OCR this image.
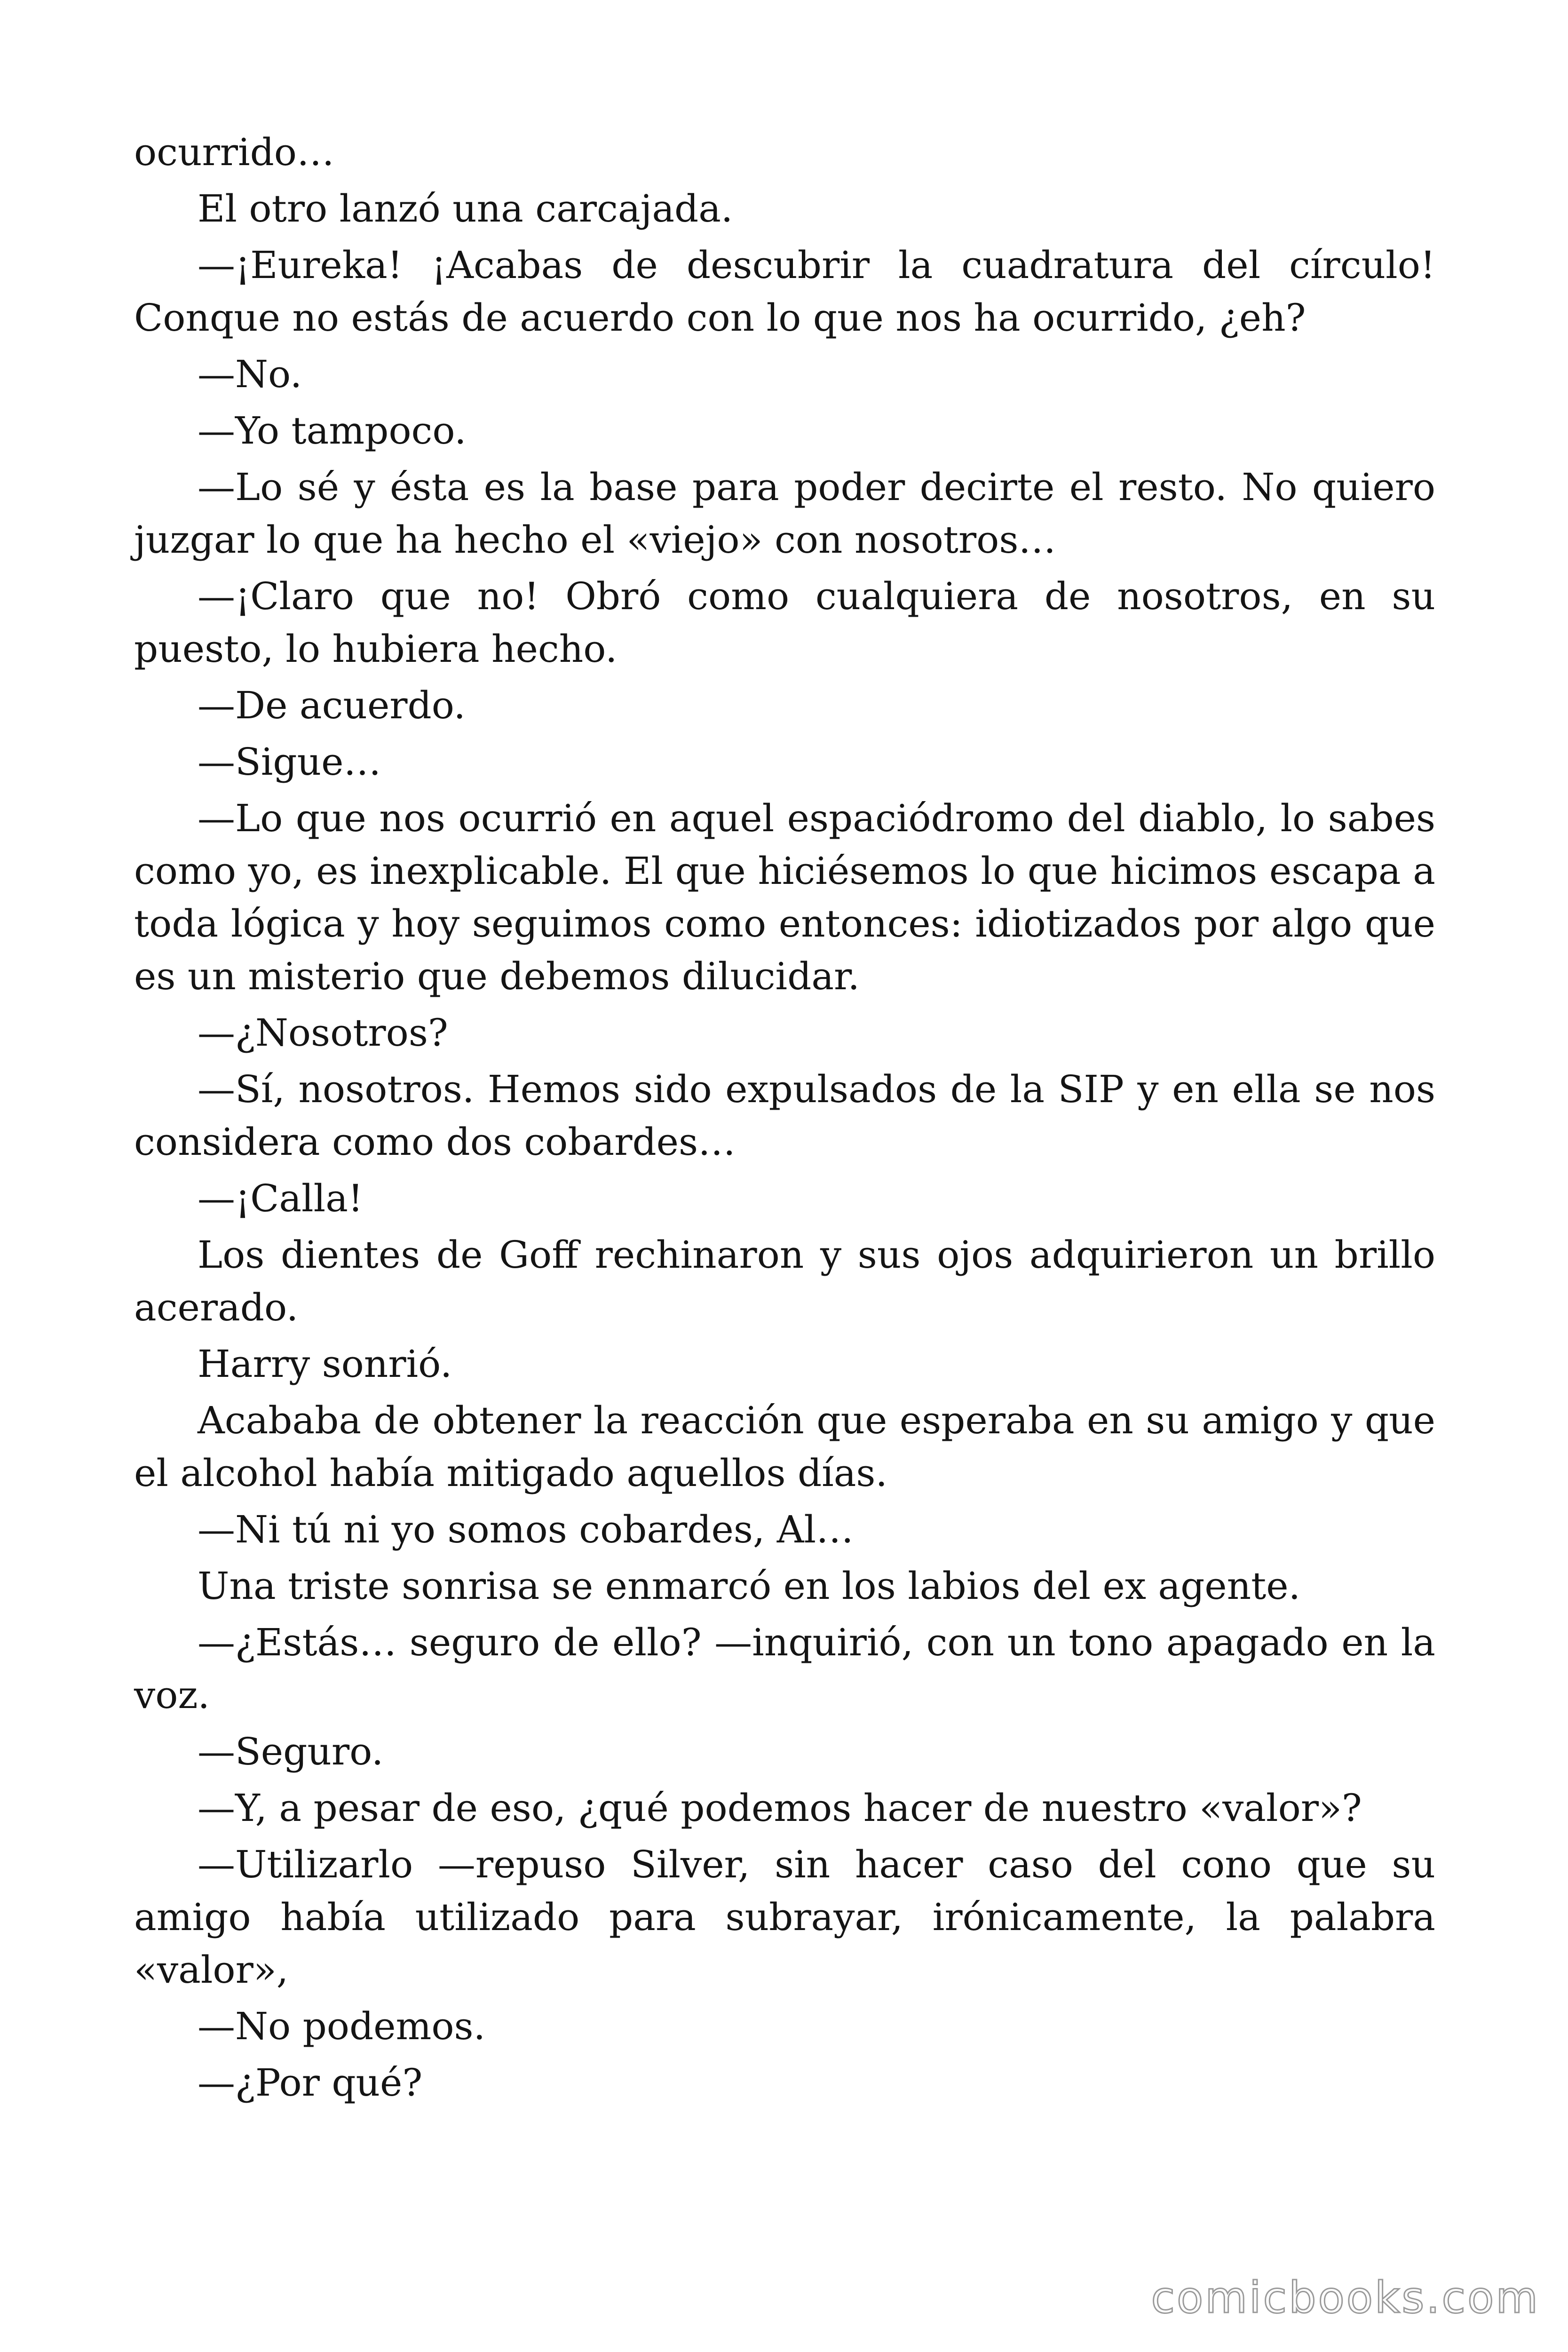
ocurrido…

El otro lanzó una carcajada.

—¡Eureka! ¡Acabas de descubrir la cuadratura del círculo! Conque no estás de acuerdo con lo que nos ha ocurrido, ¿eh?

—No.

—Yo tampoco.

—Lo sé y ésta es la base para poder decirte el resto. No quiero juzgar lo que ha hecho el «viejo» con nosotros…

—¡Claro que no! Obró como cualquiera de nosotros, en su puesto, lo hubiera hecho.

—De acuerdo.

—Sigue…

—Lo que nos ocurrió en aquel espaciódromo del diablo, lo sabes como yo, es inexplicable. El que hiciésemos lo que hicimos escapa a toda lógica y hoy seguimos como entonces: idiotizados por algo que es un misterio que debemos dilucidar.

—¿Nosotros?

—Sí, nosotros. Hemos sido expulsados de la SIP y en ella se nos considera como dos cobardes…

—¡Calla!

Los dientes de Goff rechinaron y sus ojos adquirieron un brillo acerado.

Harry sonrió.

Acababa de obtener la reacción que esperaba en su amigo y que el alcohol había mitigado aquellos días.

—Ni tú ni yo somos cobardes, Al…

Una triste sonrisa se enmarcó en los labios del ex agente.

—¿Estás… seguro de ello? —inquirió, con un tono apagado en la voz.

—Seguro.

—Y, a pesar de eso, ¿qué podemos hacer de nuestro «valor»?

—Utilizarlo —repuso Silver, sin hacer caso del cono que su amigo había utilizado para subrayar, irónicamente, la palabra «valor»,

—No podemos.

—¿Por qué?

comicbooks.com
